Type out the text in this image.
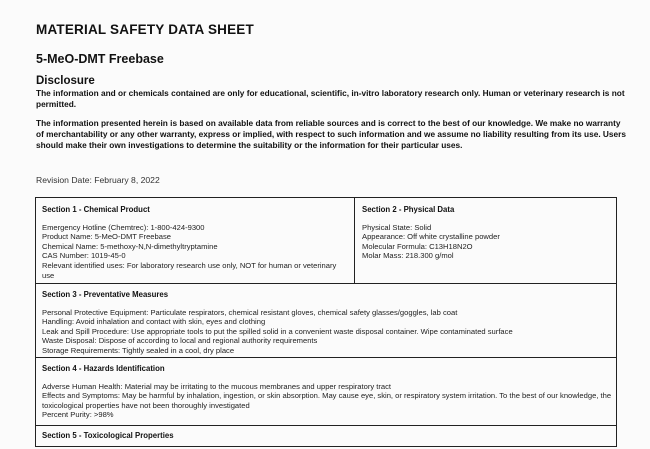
MATERIAL SAFETY DATA SHEET
5-MeO-DMT Freebase
Disclosure
The information and or chemicals contained are only for educational, scientific, in-vitro laboratory research only. Human or veterinary research is not permitted.
The information presented herein is based on available data from reliable sources and is correct to the best of our knowledge. We make no warranty of merchantability or any other warranty, express or implied, with respect to such information and we assume no liability resulting from its use. Users should make their own investigations to determine the suitability or the information for their particular uses.
Revision Date: February 8, 2022
Section 1 - Chemical Product
Emergency Hotline (Chemtrec): 1-800-424-9300
Product Name: 5-MeO-DMT Freebase
Chemical Name: 5-methoxy-N,N-dimethyltryptamine
CAS Number: 1019-45-0
Relevant identified uses: For laboratory research use only, NOT for human or veterinary use
Section 2 - Physical Data
Physical State: Solid
Appearance: Off white crystalline powder
Molecular Formula: C13H18N2O
Molar Mass: 218.300 g/mol
Section 3 - Preventative Measures
Personal Protective Equipment: Particulate respirators, chemical resistant gloves, chemical safety glasses/goggles, lab coat
Handling: Avoid inhalation and contact with skin, eyes and clothing
Leak and Spill Procedure: Use appropriate tools to put the spilled solid in a convenient waste disposal container. Wipe contaminated surface
Waste Disposal: Dispose of according to local and regional authority requirements
Storage Requirements: Tightly sealed in a cool, dry place
Section 4 - Hazards Identification
Adverse Human Health: Material may be irritating to the mucous membranes and upper respiratory tract
Effects and Symptoms: May be harmful by inhalation, ingestion, or skin absorption. May cause eye, skin, or respiratory system irritation. To the best of our knowledge, the toxicological properties have not been thoroughly investigated
Percent Purity: >98%
Section 5 - Toxicological Properties
